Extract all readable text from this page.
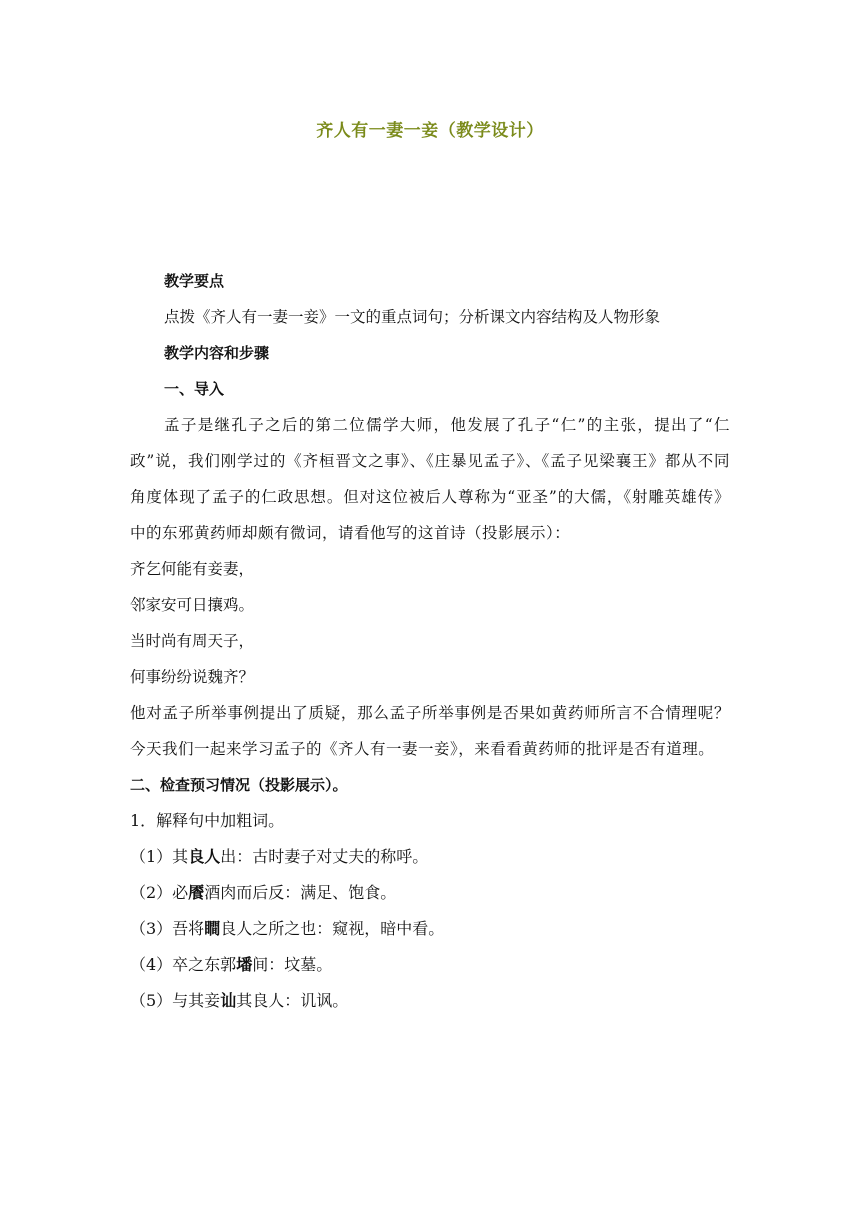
齐人有一妻一妾（教学设计）
教学要点
点拨《齐人有一妻一妾》一文的重点词句；分析课文内容结构及人物形象
教学内容和步骤
一、导入
孟子是继孔子之后的第二位儒学大师，他发展了孔子“仁”的主张，提出了“仁政”说，我们刚学过的《齐桓晋文之事》、《庄暴见孟子》、《孟子见梁襄王》都从不同角度体现了孟子的仁政思想。但对这位被后人尊称为“亚圣”的大儒，《射雕英雄传》中的东邪黄药师却颇有微词，请看他写的这首诗（投影展示）：
齐乞何能有妾妻，
邻家安可日攘鸡。
当时尚有周天子，
何事纷纷说魏齐？
他对孟子所举事例提出了质疑，那么孟子所举事例是否果如黄药师所言不合情理呢？今天我们一起来学习孟子的《齐人有一妻一妾》，来看看黄药师的批评是否有道理。
二、检查预习情况（投影展示）。
1．解释句中加粗词。
（1）其良人出：古时妻子对丈夫的称呼。
（2）必餍酒肉而后反：满足、饱食。
（3）吾将瞷良人之所之也：窥视，暗中看。
（4）卒之东郭墦间：坟墓。
（5）与其妾讪其良人：讥讽。
